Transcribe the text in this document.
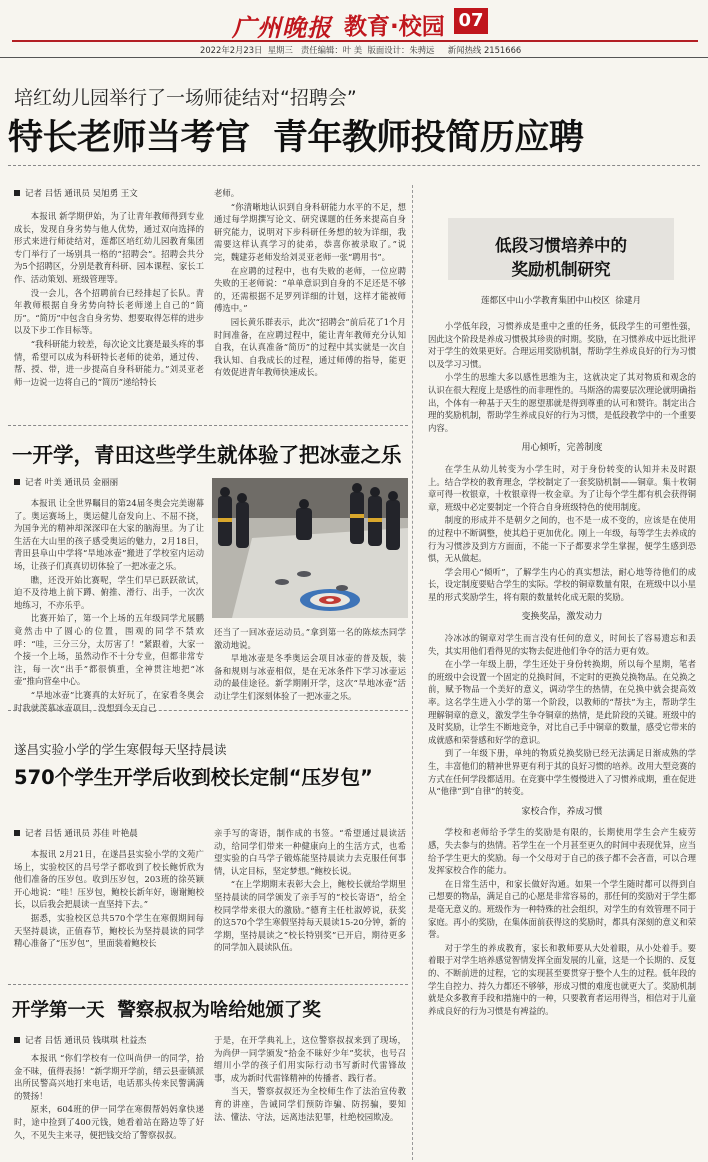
广州晚报 教育·校园 07
2022年2月23日  星期三   责任编辑：叶 美  版面设计：朱骋远     新闻热线 2151666
培红幼儿园举行了一场师徒结对“招聘会”
特长老师当考官  青年教师投简历应聘
记者 吕恬 通讯员 吴旭勇 王文

本报讯 新学期伊始，为了让青年教师得到专业成长，发现自身劣势与他人优势，通过双向选择的形式来进行师徒结对，莲都区培红幼儿园教育集团专门举行了一场别具一格的“招聘会”。招聘会共分为5个招聘区，分别是教育科研、园本课程、家长工作、活动策划、班级管理等。

没一会儿，各个招聘前台已经排起了长队。青年教师根据自身劣势向特长老师递上自己的“简历”。“简历”中包含自身劣势、想要取得怎样的进步以及下步工作目标等。

“我科研能力较差，每次论文比赛是最头疼的事情，希望可以成为科研特长老师的徒弟，通过传、帮、授、带，进一步提高自身科研能力。”刘灵亚老师一边说一边将自己的“简历”递给特长

老师。

“你清晰地认识到自身科研能力水平的不足，想通过每学期撰写论文、研究课题的任务来提高自身研究能力，说明对下步科研任务想的较为详细，我需要这样认真学习的徒弟，恭喜你被录取了。”说完，魏建芬老师发给刘灵亚老师一张“聘用书”。

在应聘的过程中，也有失败的老师，一位应聘失败的王老师说：“单单意识到自身的不足还是不够的，还需根据不足罗列详细的计划，这样才能被师傅选中。”

园长黄乐群表示，此次“招聘会”前后花了1个月时间准备，在应聘过程中，能让青年教师充分认知自我，在认真准备“简历”的过程中其实就是一次自我认知、自我成长的过程，通过师傅的指导，能更有效促进青年教师快速成长。

低段习惯培养中的
奖励机制研究
莲都区中山小学教育集团中山校区  徐建月

小学低年段，习惯养成是重中之重的任务，低段学生的可塑性强，因此这个阶段是养成习惯极其珍贵的时期。奖励，在习惯养成中远比批评对于学生的效果更好。合理运用奖励机制，帮助学生养成良好的行为习惯以及学习习惯。

小学生的思维大多以感性思维为主，这就决定了其对物质和观念的认识在很大程度上是感性的而非理性的。马斯洛的需要层次理论就明确指出，个体有一种基于天生的愿望那就是得到尊重的认可和赞许。制定出合理的奖励机制，帮助学生养成良好的行为习惯，是低段教学中的一个重要内容。

用心倾听，完善制度

在学生从幼儿转变为小学生时，对于身份转变的认知并未及时跟上。结合学校的教育理念，学校制定了一套奖励机制——铜章。集十枚铜章可得一枚银章，十枚银章得一枚金章。为了让每个学生都有机会获得铜章，班级中必定要制定一个符合自身班级特色的使用制度。

制度的形成并不是朝夕之间的，也不是一成不变的，应该是在使用的过程中不断调整，使其趋于更加优化。刚上一年级，每等学生去养成的行为习惯涉及到方方面面，不能一下子都要求学生掌握，便学生感到恐惧，无从做起。

学会用心“倾听”，了解学生内心的真实想法，耐心地等待他们的成长，设定制度要贴合学生的实际。学校的铜章数量有限，在班级中以小星星的形式奖励学生，将有限的数量转化成无限的奖励。

变换奖品，激发动力

冷冰冰的铜章对学生而言没有任何的意义，时间长了容易遗忘和丢失，其实用他们看得见的实物去促进他们争夺的活力更有效。

在小学一年级上册，学生还处于身份转换期，所以每个星期，笔者的班级中会设置一个固定的兑换时间，不定时的更换兑换物品。在兑换之前，赋予物品一个美好的意义，调动学生的热情，在兑换中就会提高效率。这名学生进入小学的第一个阶段，以教师的“帮扶”为主，帮助学生理解铜章的意义，激发学生争夺铜章的热情，是此阶段的关键。班级中的及时奖励，让学生不断地竞争，对比自己手中铜章的数量，感受它带来的成就感和荣誉感和好学的意识。

到了一年级下册，单纯的物质兑换奖励已经无法满足日渐成熟的学生，丰富他们的精神世界更有利于其的良好习惯的培养。改用大型竞赛的方式在任何学段都适用。在竞赛中学生慢慢进入了习惯养成期，重在促进从“他律”到“自律”的转变。

家校合作，养成习惯

学校和老师给予学生的奖励是有限的，长期使用学生会产生疲劳感，失去参与的热情。若学生在一个月甚至更久的时间中表现优异，应当给予学生更大的奖励。每一个父母对于自己的孩子都不会吝啬，可以合理发挥家校合作的能力。

在日常生活中，和家长做好沟通。如果一个学生随时都可以得到自己想要的物品，满足自己的心愿是非常容易的，那任何的奖励对于学生都是毫无意义的。班级作为一种特殊的社会组织，对学生的有效管理不同于家庭。再小的奖励，在集体面前获得这的奖励时，都具有深刻的意义和荣誉。

对于学生的养成教育，家长和教师要从大处着眼，从小处着手。要着眼于对学生培养感觉智情发挥全面发展的儿童，这是一个长期的、反复的、不断前进的过程，它的实现甚至要贯穿于整个人生的过程。低年段的学生自控力、持久力都还不够够，形成习惯的难度也就更大了。奖励机制就是众多教育手段和措施中的一种，只要教育者运用得当，相信对于儿童养成良好的行为习惯是有裨益的。

一开学，青田这些学生就体验了把冰壶之乐
记者 叶美 通讯员 金丽丽

本报讯 让全世界瞩目的第24届冬奥会完美谢幕了。奥运赛场上，奥运健儿奋发向上、不屈不挠，为国争光的精神却深深印在大家的脑海里。为了让生活在大山里的孩子感受奥运的魅力，2月18日，青田县阜山中学将“旱地冰壶”搬进了学校室内运动场，让孩子们真真切切体验了一把冰壶之乐。

瞧，还没开始比赛呢，学生们早已跃跃欲试，迫不及待地上前下蹲、俯推、滑行、出手，一次次地练习，不亦乐乎。

比赛开始了，第一个上场的五年级同学尤展鹏竟然击中了圆心的位置，围观的同学不禁欢呼：“哇，三分三分，太厉害了！”紧跟着，大家一个接一个上场，虽然动作不十分专业，但都非常专注，每一次“出手”都很慎重，全神贯注地把“冰壶”推向营垒中心。

“旱地冰壶”比赛真的太好玩了，在家看冬奥会时我就羡慕冰壶项目，没想到今天自己

还当了一回冰壶运动员。”拿到第一名的陈炫杰同学激动地说。

旱地冰壶是冬季奥运会项目冰壶的普及版，装备和规则与冰壶相似，是在无冰条件下学习冰壶运动的最佳途径。新学期刚开学，这次“旱地冰壶”活动让学生们深刻体验了一把冰壶之乐。

遂昌实验小学的学生寒假每天坚持晨读
570个学生开学后收到校长定制“压岁包”
记者 吕恬 通讯员 苏佳 叶艳晨

本报讯 2月21日，在遂昌县实验小学的文苑广场上，实验校区的吕号学子都收到了校长鲍忻欣为他们准备的压岁包。收到压岁包，203班的徐英颖开心地说：“哇！压岁包，鲍校长新年好，谢谢鲍校长，以后我会把晨读一直坚持下去。”

据悉，实验校区总共570个学生在寒假期间每天坚持晨读，正值春节，鲍校长为坚持晨读的同学精心准备了“压岁包”，里面装着鲍校长

亲手写的寄语，制作成的书签。“希望通过晨读活动，给同学们带来一种健康向上的生活方式，也希望实验的白马学子锻炼能坚持晨读力去克服任何事情，认定目标，坚定梦想。”鲍校长说。

“在上学期期末表彰大会上，鲍校长就给学期里坚持晨读的同学颁发了亲手写的“校长寄语”，给全校同学带来很大的激励。”德育主任杜淑婷说，获奖的这570个学生寒假坚持每天晨读15-20分钟，新的学期，坚持晨读之“校长特别奖”已开启，期待更多的同学加入晨读队伍。

开学第一天  警察叔叔为啥给她颁了奖
记者 吕恬 通讯员 钱琪琪 杜益杰

本报讯 “你们学校有一位叫尚伊一的同学，拾金不昧，值得表扬！”新学期开学前，缙云县壶镇派出所民警高兴地打来电话，电话那头传来民警满满的赞扬！

原来，604班的伊一同学在寒假帮妈妈拿快递时，途中捡到了400元钱，她看着站在路边等了好久，不见失主来寻，便把钱交给了警察叔叔。

于是，在开学典礼上，这位警察叔叔来到了现场，为尚伊一同学颁发“拾金不昧好少年”奖状，也号召缙川小学的孩子们用实际行动书写新时代雷锋故事，成为新时代雷锋精神的传播者、践行者。

当天，警察叔叔还为全校师生作了法治宣传教育的讲座，告诫同学们预防诈骗、防拐骗，要知法、懂法、守法，远离违法犯罪，杜绝校园欺凌。
